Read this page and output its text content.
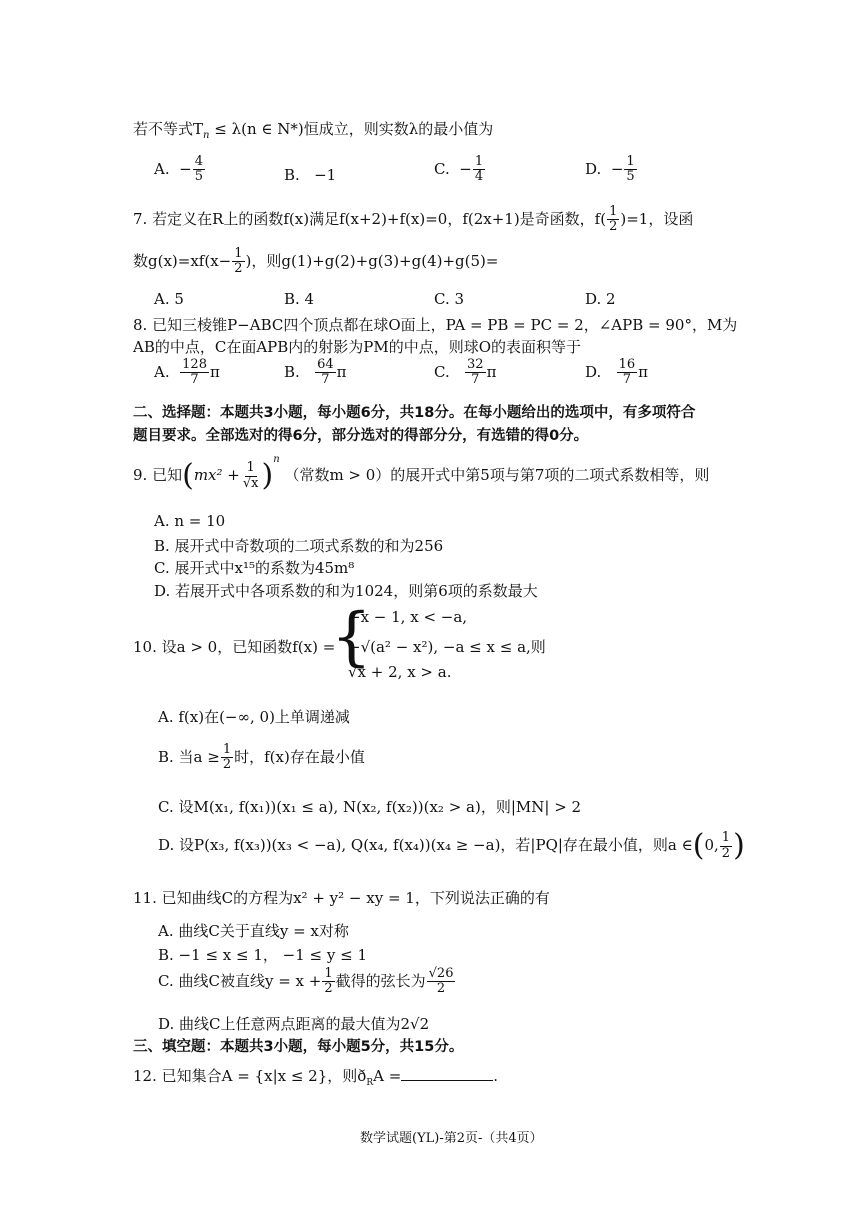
若不等式$T_n \le \lambda(n$ ∈ N*)恒成立，则实数λ的最小值为
A. − $\frac{4}{5}$	B. −1	C. − $\frac{1}{4}$	D. − $\frac{1}{5}$
7. 若定义在R上的函数f(x)满足f(x+2)+f(x)=0，f(2x+1)是奇函数，$f( \frac{1}{2} )=1$，设函
数$g(x)=xf(x- \frac{1}{2}$ )，则g(1)+g(2)+g(3)+g(4)+g(5)=
A. 5	B. 4	C. 3	D. 2
8. 已知三棱锥P−ABC四个顶点都在球O面上，PA = PB = PC = 2，∠APB = 90°，M为
AB的中点，C在面APB内的射影为PM的中点，则球O的表面积等于
A. $\frac{128}{7}$ π	B. $\frac{64}{7}$ π	C. $\frac{32}{7}$ π	D. $\frac{16}{7}$ π
二、选择题：本题共3小题，每小题6分，共18分。在每小题给出的选项中，有多项符合
题目要求。全部选对的得6分，部分选对的得部分分，有选错的得0分。
9. 已知$(mx^2 + \frac{1}{√x} )^n$ （常数m > 0）的展开式中第5项与第7项的二项式系数相等，则
A. n = 10
B. 展开式中奇数项的二项式系数的和为256
C. 展开式中x¹⁵的系数为45m⁸
D. 若展开式中各项系数的和为1024，则第6项的系数最大
10. 设a > 0，已知函数f(x) =
{
−x − 1, x < −a,
−√(a² − x²), −a ≤ x ≤ a,则
√x + 2, x > a.
A. f(x)在(−∞, 0)上单调递减
B. 当$a \ge \frac{1}{2}$ 时，f(x)存在最小值
C. 设M(x₁, f(x₁))(x₁ ≤ a), N(x₂, f(x₂))(x₂ > a)，则|MN| > 2
D. 设P(x₃, f(x₃))(x₃ < −a), Q(x₄, f(x₄))(x₄ ≥ −a)，若|PQ|存在最小值，则a ∈(0, $\frac{1}{2}$ )
11. 已知曲线C的方程为x² + y² − xy = 1，下列说法正确的有
A. 曲线C关于直线y = x对称
B. −1 ≤ x ≤ 1， −1 ≤ y ≤ 1
C. 曲线C被直线$y = x + \frac{1}{2}$ 截得的弦长为 $\frac{√26}{2}$
D. 曲线C上任意两点距离的最大值为2√2
三、填空题：本题共3小题，每小题5分，共15分。
12. 已知集合A = {x|x ≤ 2}，则$ð_RA$ =	.
数学试题(YL)-第2页-（共4页）
